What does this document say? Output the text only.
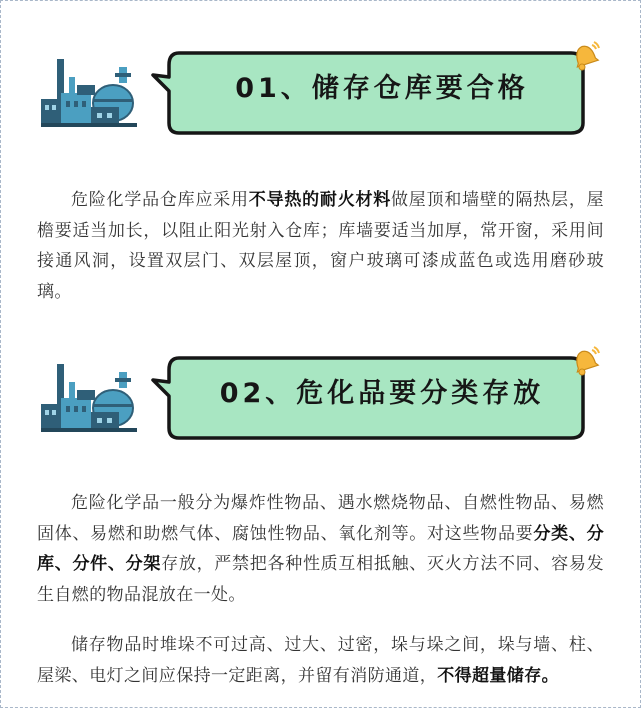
01、储存仓库要合格
危险化学品仓库应采用不导热的耐火材料做屋顶和墙壁的隔热层，屋檐要适当加长，以阻止阳光射入仓库；库墙要适当加厚，常开窗，采用间接通风洞，设置双层门、双层屋顶，窗户玻璃可漆成蓝色或选用磨砂玻璃。
02、危化品要分类存放
危险化学品一般分为爆炸性物品、遇水燃烧物品、自燃性物品、易燃固体、易燃和助燃气体、腐蚀性物品、氧化剂等。对这些物品要分类、分库、分件、分架存放，严禁把各种性质互相抵触、灭火方法不同、容易发生自燃的物品混放在一处。
储存物品时堆垛不可过高、过大、过密，垛与垛之间，垛与墙、柱、屋梁、电灯之间应保持一定距离，并留有消防通道，不得超量储存。
